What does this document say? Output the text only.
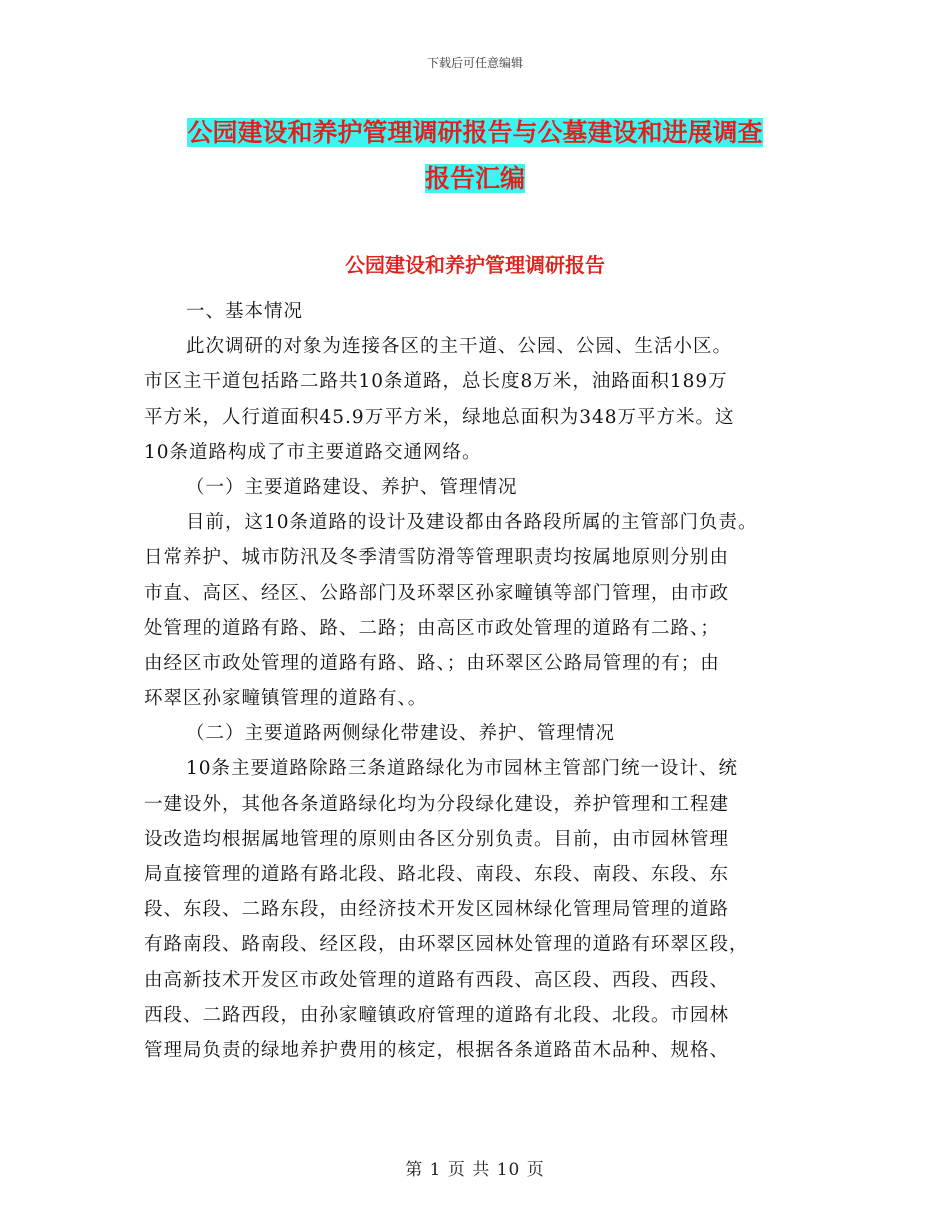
下载后可任意编辑
公园建设和养护管理调研报告与公墓建设和进展调查
报告汇编
公园建设和养护管理调研报告
一、基本情况
此次调研的对象为连接各区的主干道、公园、公园、生活小区。
市区主干道包括路二路共10条道路，总长度8万米，油路面积189万
平方米，人行道面积45.9万平方米，绿地总面积为348万平方米。这
10条道路构成了市主要道路交通网络。
（一）主要道路建设、养护、管理情况
目前，这10条道路的设计及建设都由各路段所属的主管部门负责。
日常养护、城市防汛及冬季清雪防滑等管理职责均按属地原则分别由
市直、高区、经区、公路部门及环翠区孙家疃镇等部门管理，由市政
处管理的道路有路、路、二路；由高区市政处管理的道路有二路、；
由经区市政处管理的道路有路、路、；由环翠区公路局管理的有；由
环翠区孙家疃镇管理的道路有、。
（二）主要道路两侧绿化带建设、养护、管理情况
10条主要道路除路三条道路绿化为市园林主管部门统一设计、统
一建设外，其他各条道路绿化均为分段绿化建设，养护管理和工程建
设改造均根据属地管理的原则由各区分别负责。目前，由市园林管理
局直接管理的道路有路北段、路北段、南段、东段、南段、东段、东
段、东段、二路东段，由经济技术开发区园林绿化管理局管理的道路
有路南段、路南段、经区段，由环翠区园林处管理的道路有环翠区段，
由高新技术开发区市政处管理的道路有西段、高区段、西段、西段、
西段、二路西段，由孙家疃镇政府管理的道路有北段、北段。市园林
管理局负责的绿地养护费用的核定，根据各条道路苗木品种、规格、
第 1 页 共 10 页
